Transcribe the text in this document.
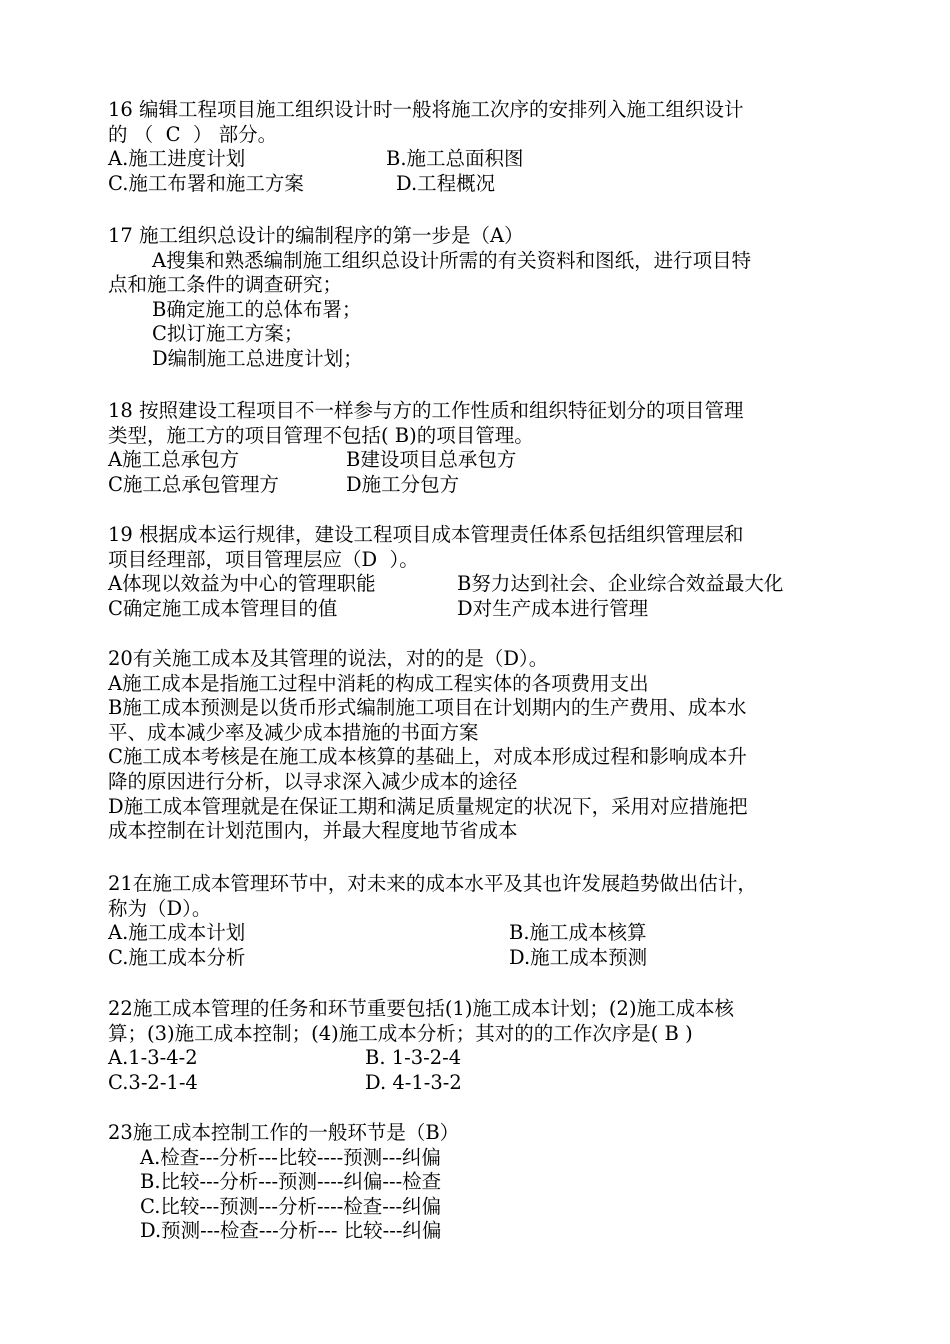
16 编辑工程项目施工组织设计时一般将施工次序的安排列入施工组织设计
的 （  C  ） 部分。
A.施工进度计划	B.施工总面积图
C.施工布署和施工方案	D.工程概况
17 施工组织总设计的编制程序的第一步是（A）
A搜集和熟悉编制施工组织总设计所需的有关资料和图纸，进行项目特
点和施工条件的调查研究；
B确定施工的总体布署；
C拟订施工方案；
D编制施工总进度计划；
18 按照建设工程项目不一样参与方的工作性质和组织特征划分的项目管理
类型，施工方的项目管理不包括( B)的项目管理。
A施工总承包方	B建设项目总承包方
C施工总承包管理方	D施工分包方
19 根据成本运行规律，建设工程项目成本管理责任体系包括组织管理层和
项目经理部，项目管理层应（D  ）。
A体现以效益为中心的管理职能	B努力达到社会、企业综合效益最大化
C确定施工成本管理目的值	D对生产成本进行管理
20有关施工成本及其管理的说法，对的的是（D）。
A施工成本是指施工过程中消耗的构成工程实体的各项费用支出
B施工成本预测是以货币形式编制施工项目在计划期内的生产费用、成本水
平、成本减少率及减少成本措施的书面方案
C施工成本考核是在施工成本核算的基础上，对成本形成过程和影响成本升
降的原因进行分析，以寻求深入减少成本的途径
D施工成本管理就是在保证工期和满足质量规定的状况下，采用对应措施把
成本控制在计划范围内，并最大程度地节省成本
21在施工成本管理环节中，对未来的成本水平及其也许发展趋势做出估计，
称为（D）。
A.施工成本计划	B.施工成本核算
C.施工成本分析	D.施工成本预测
22施工成本管理的任务和环节重要包括(1)施工成本计划；(2)施工成本核
算；(3)施工成本控制；(4)施工成本分析；其对的的工作次序是( B )
A.1-3-4-2	B. 1-3-2-4
C.3-2-1-4	D. 4-1-3-2
23施工成本控制工作的一般环节是（B）
A.检查---分析---比较----预测---纠偏
B.比较---分析---预测----纠偏---检查
C.比较---预测---分析----检查---纠偏
D.预测---检查---分析--- 比较---纠偏
